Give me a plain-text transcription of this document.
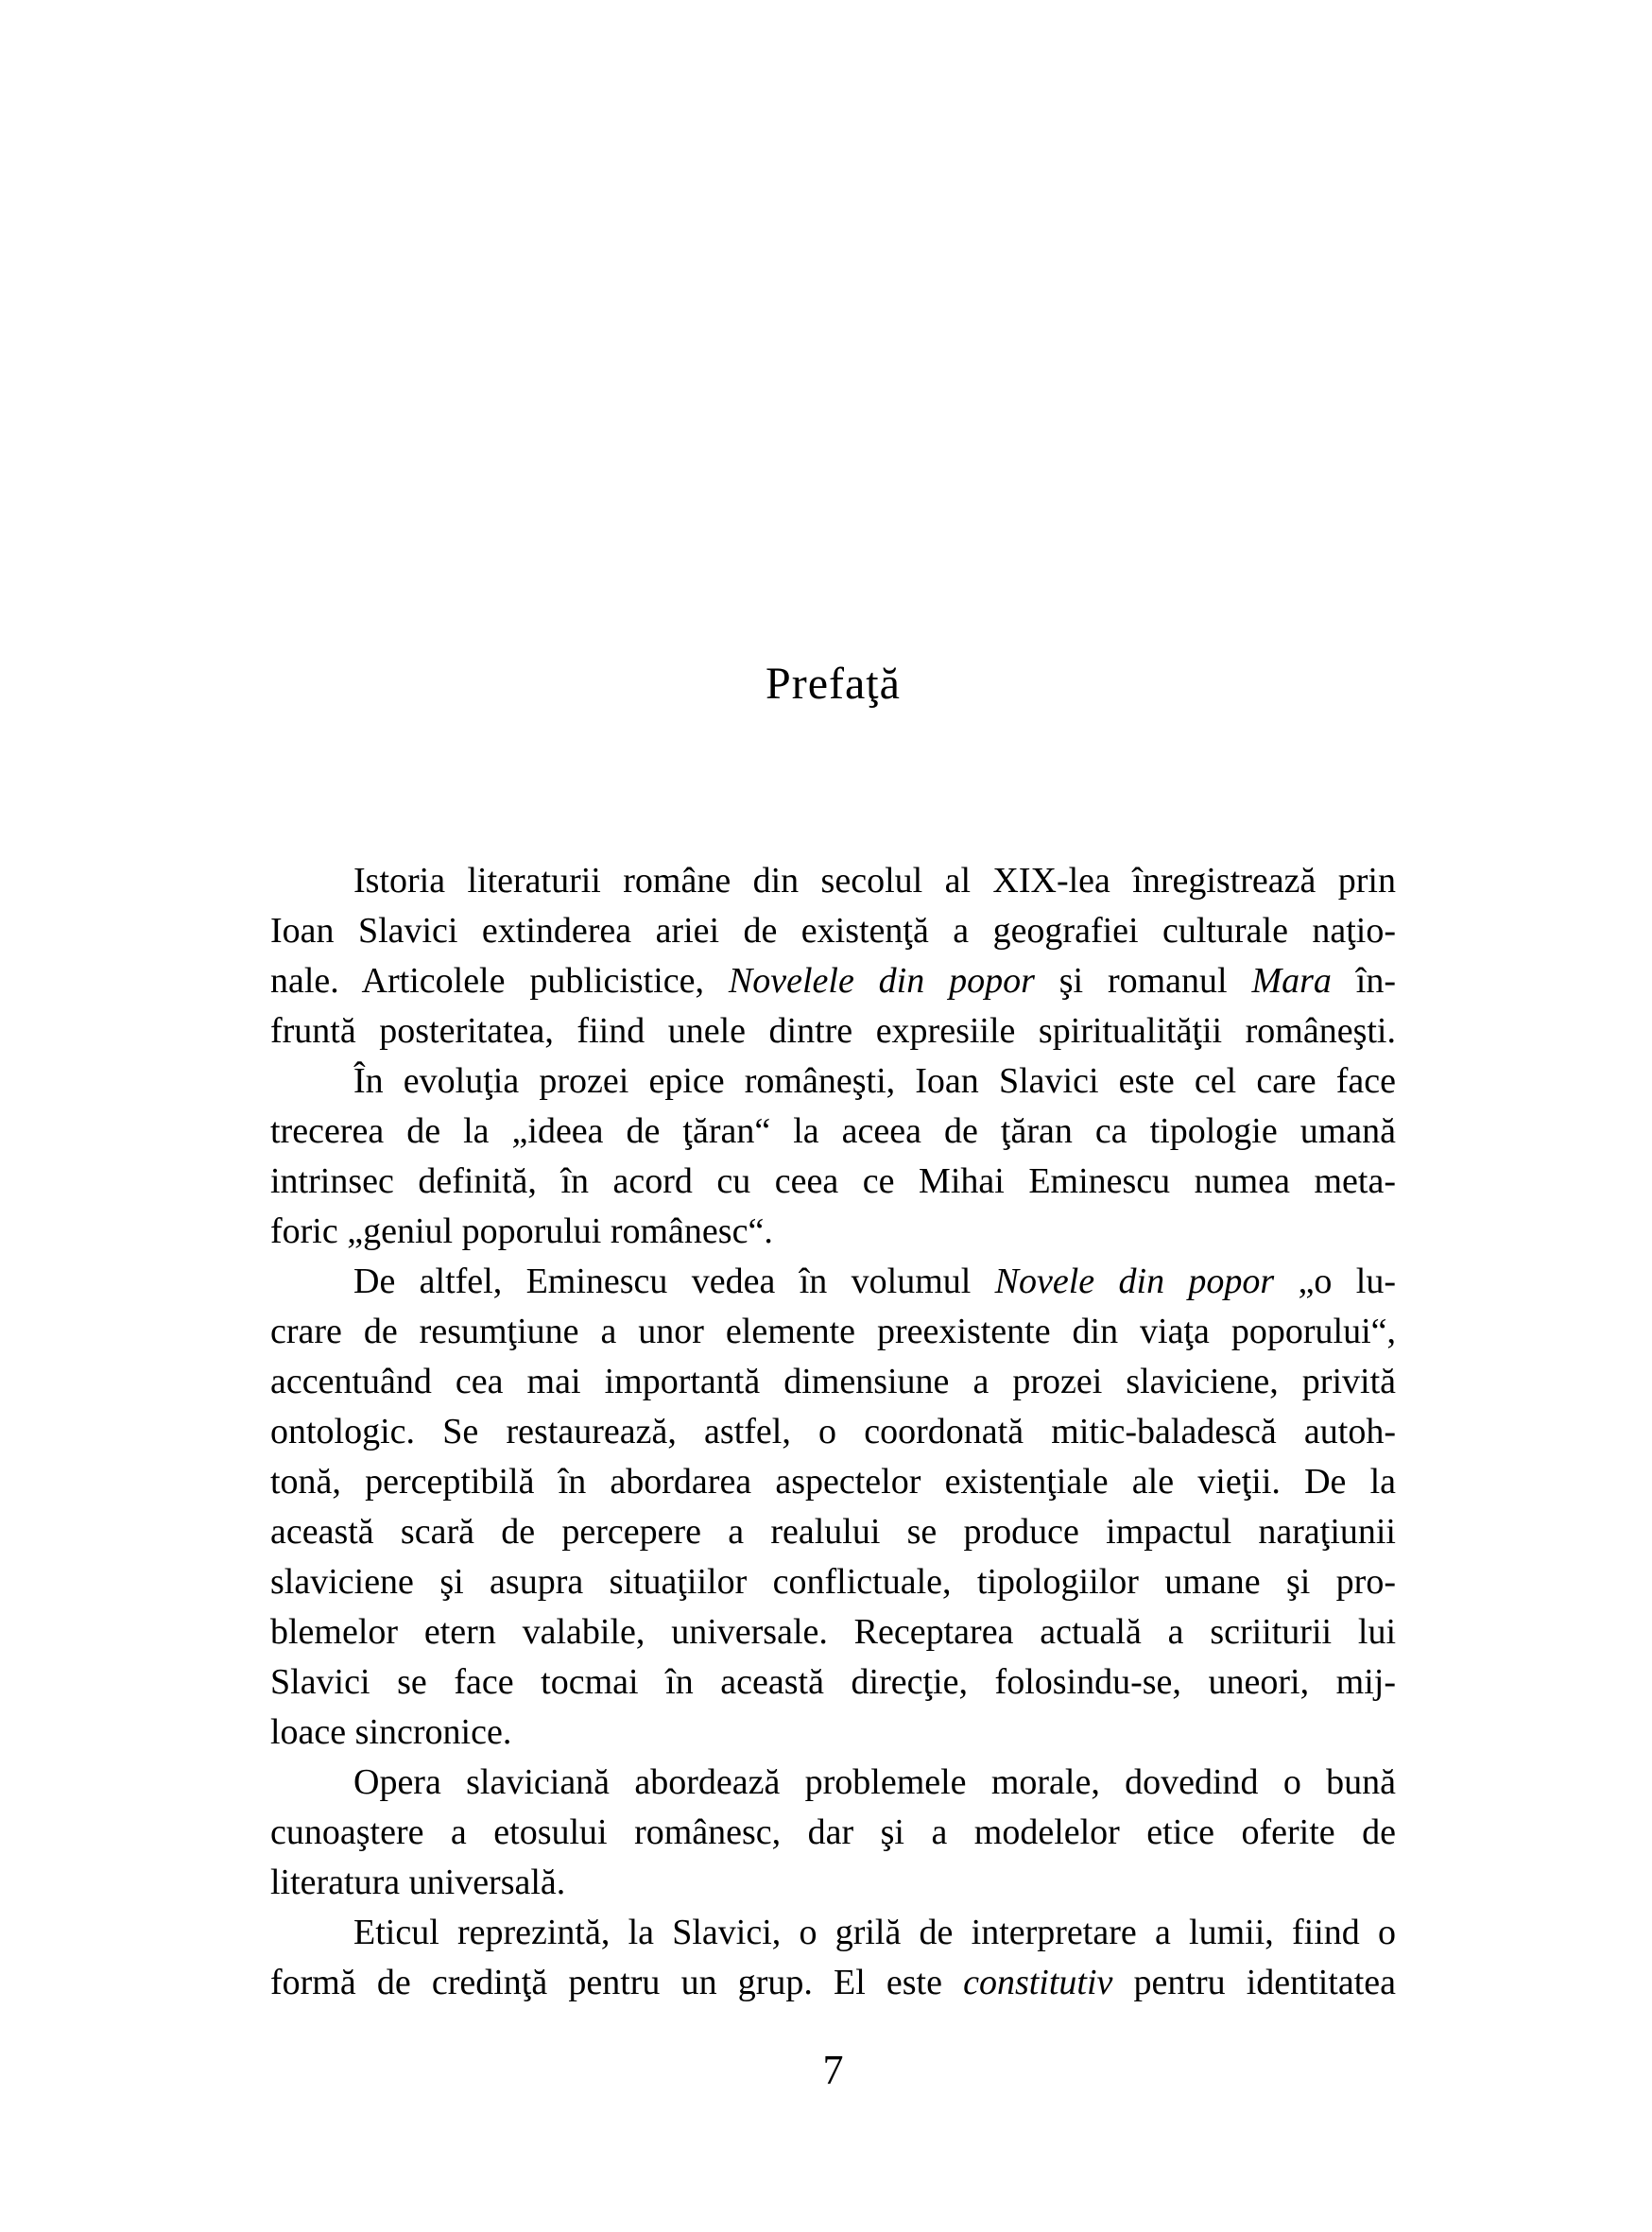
Prefaţă
Istoria literaturii române din secolul al XIX-lea înregistrează prin
Ioan Slavici extinderea ariei de existenţă a geografiei culturale naţio-
nale. Articolele publicistice, Novelele din popor şi romanul Mara în-
fruntă posteritatea, fiind unele dintre expresiile spiritualităţii româneşti.
În evoluţia prozei epice româneşti, Ioan Slavici este cel care face
trecerea de la „ideea de ţăran“ la aceea de ţăran ca tipologie umană
intrinsec definită, în acord cu ceea ce Mihai Eminescu numea meta-
foric „geniul poporului românesc“.
De altfel, Eminescu vedea în volumul Novele din popor „o lu-
crare de resumţiune a unor elemente preexistente din viaţa poporului“,
accentuând cea mai importantă dimensiune a prozei slaviciene, privită
ontologic. Se restaurează, astfel, o coordonată mitic-baladescă autoh-
tonă, perceptibilă în abordarea aspectelor existenţiale ale vieţii. De la
această scară de percepere a realului se produce impactul naraţiunii
slaviciene şi asupra situaţiilor conflictuale, tipologiilor umane şi pro-
blemelor etern valabile, universale. Receptarea actuală a scriiturii lui
Slavici se face tocmai în această direcţie, folosindu-se, uneori, mij-
loace sincronice.
Opera slaviciană abordează problemele morale, dovedind o bună
cunoaştere a etosului românesc, dar şi a modelelor etice oferite de
literatura universală.
Eticul reprezintă, la Slavici, o grilă de interpretare a lumii, fiind o
formă de credinţă pentru un grup. El este constitutiv pentru identitatea
7
